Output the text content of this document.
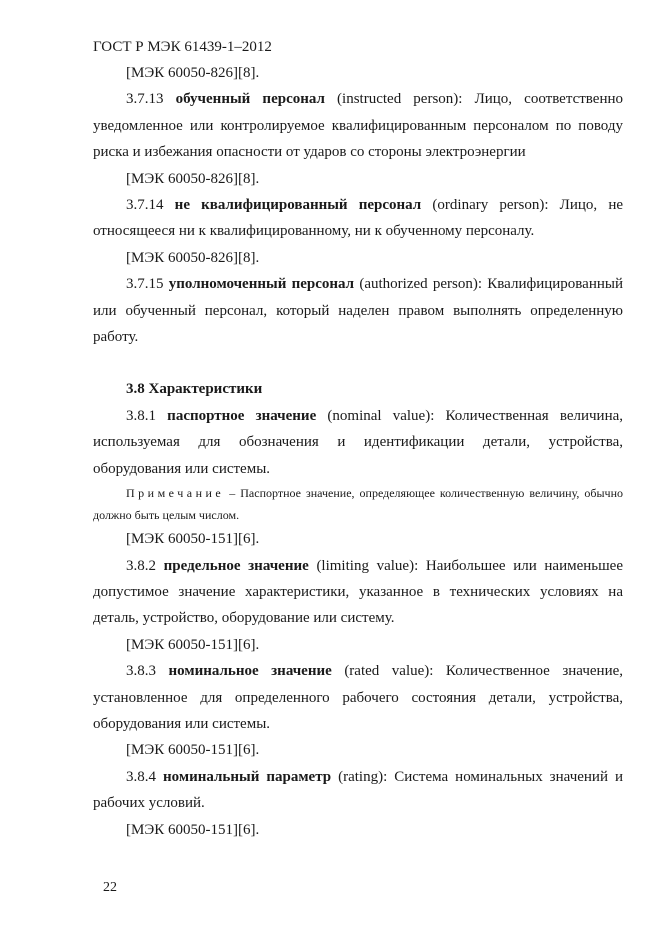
ГОСТ Р МЭК 61439-1–2012

[МЭК 60050-826][8].

3.7.13 обученный персонал (instructed person): Лицо, соответственно уведомленное или контролируемое квалифицированным персоналом по поводу риска и избежания опасности от ударов со стороны электроэнергии

[МЭК 60050-826][8].

3.7.14 не квалифицированный персонал (ordinary person): Лицо, не относящееся ни к квалифицированному, ни к обученному персоналу.

[МЭК 60050-826][8].

3.7.15 уполномоченный персонал (authorized person): Квалифицированный или обученный персонал, который наделен правом выполнять определенную работу.

3.8 Характеристики

3.8.1 паспортное значение (nominal value): Количественная величина, используемая для обозначения и идентификации детали, устройства, оборудования или системы.

Примечание – Паспортное значение, определяющее количественную величину, обычно должно быть целым числом.

[МЭК 60050-151][6].

3.8.2 предельное значение (limiting value): Наибольшее или наименьшее допустимое значение характеристики, указанное в технических условиях на деталь, устройство, оборудование или систему.

[МЭК 60050-151][6].

3.8.3 номинальное значение (rated value): Количественное значение, установленное для определенного рабочего состояния детали, устройства, оборудования или системы.

[МЭК 60050-151][6].

3.8.4 номинальный параметр (rating): Система номинальных значений и рабочих условий.

[МЭК 60050-151][6].

22
